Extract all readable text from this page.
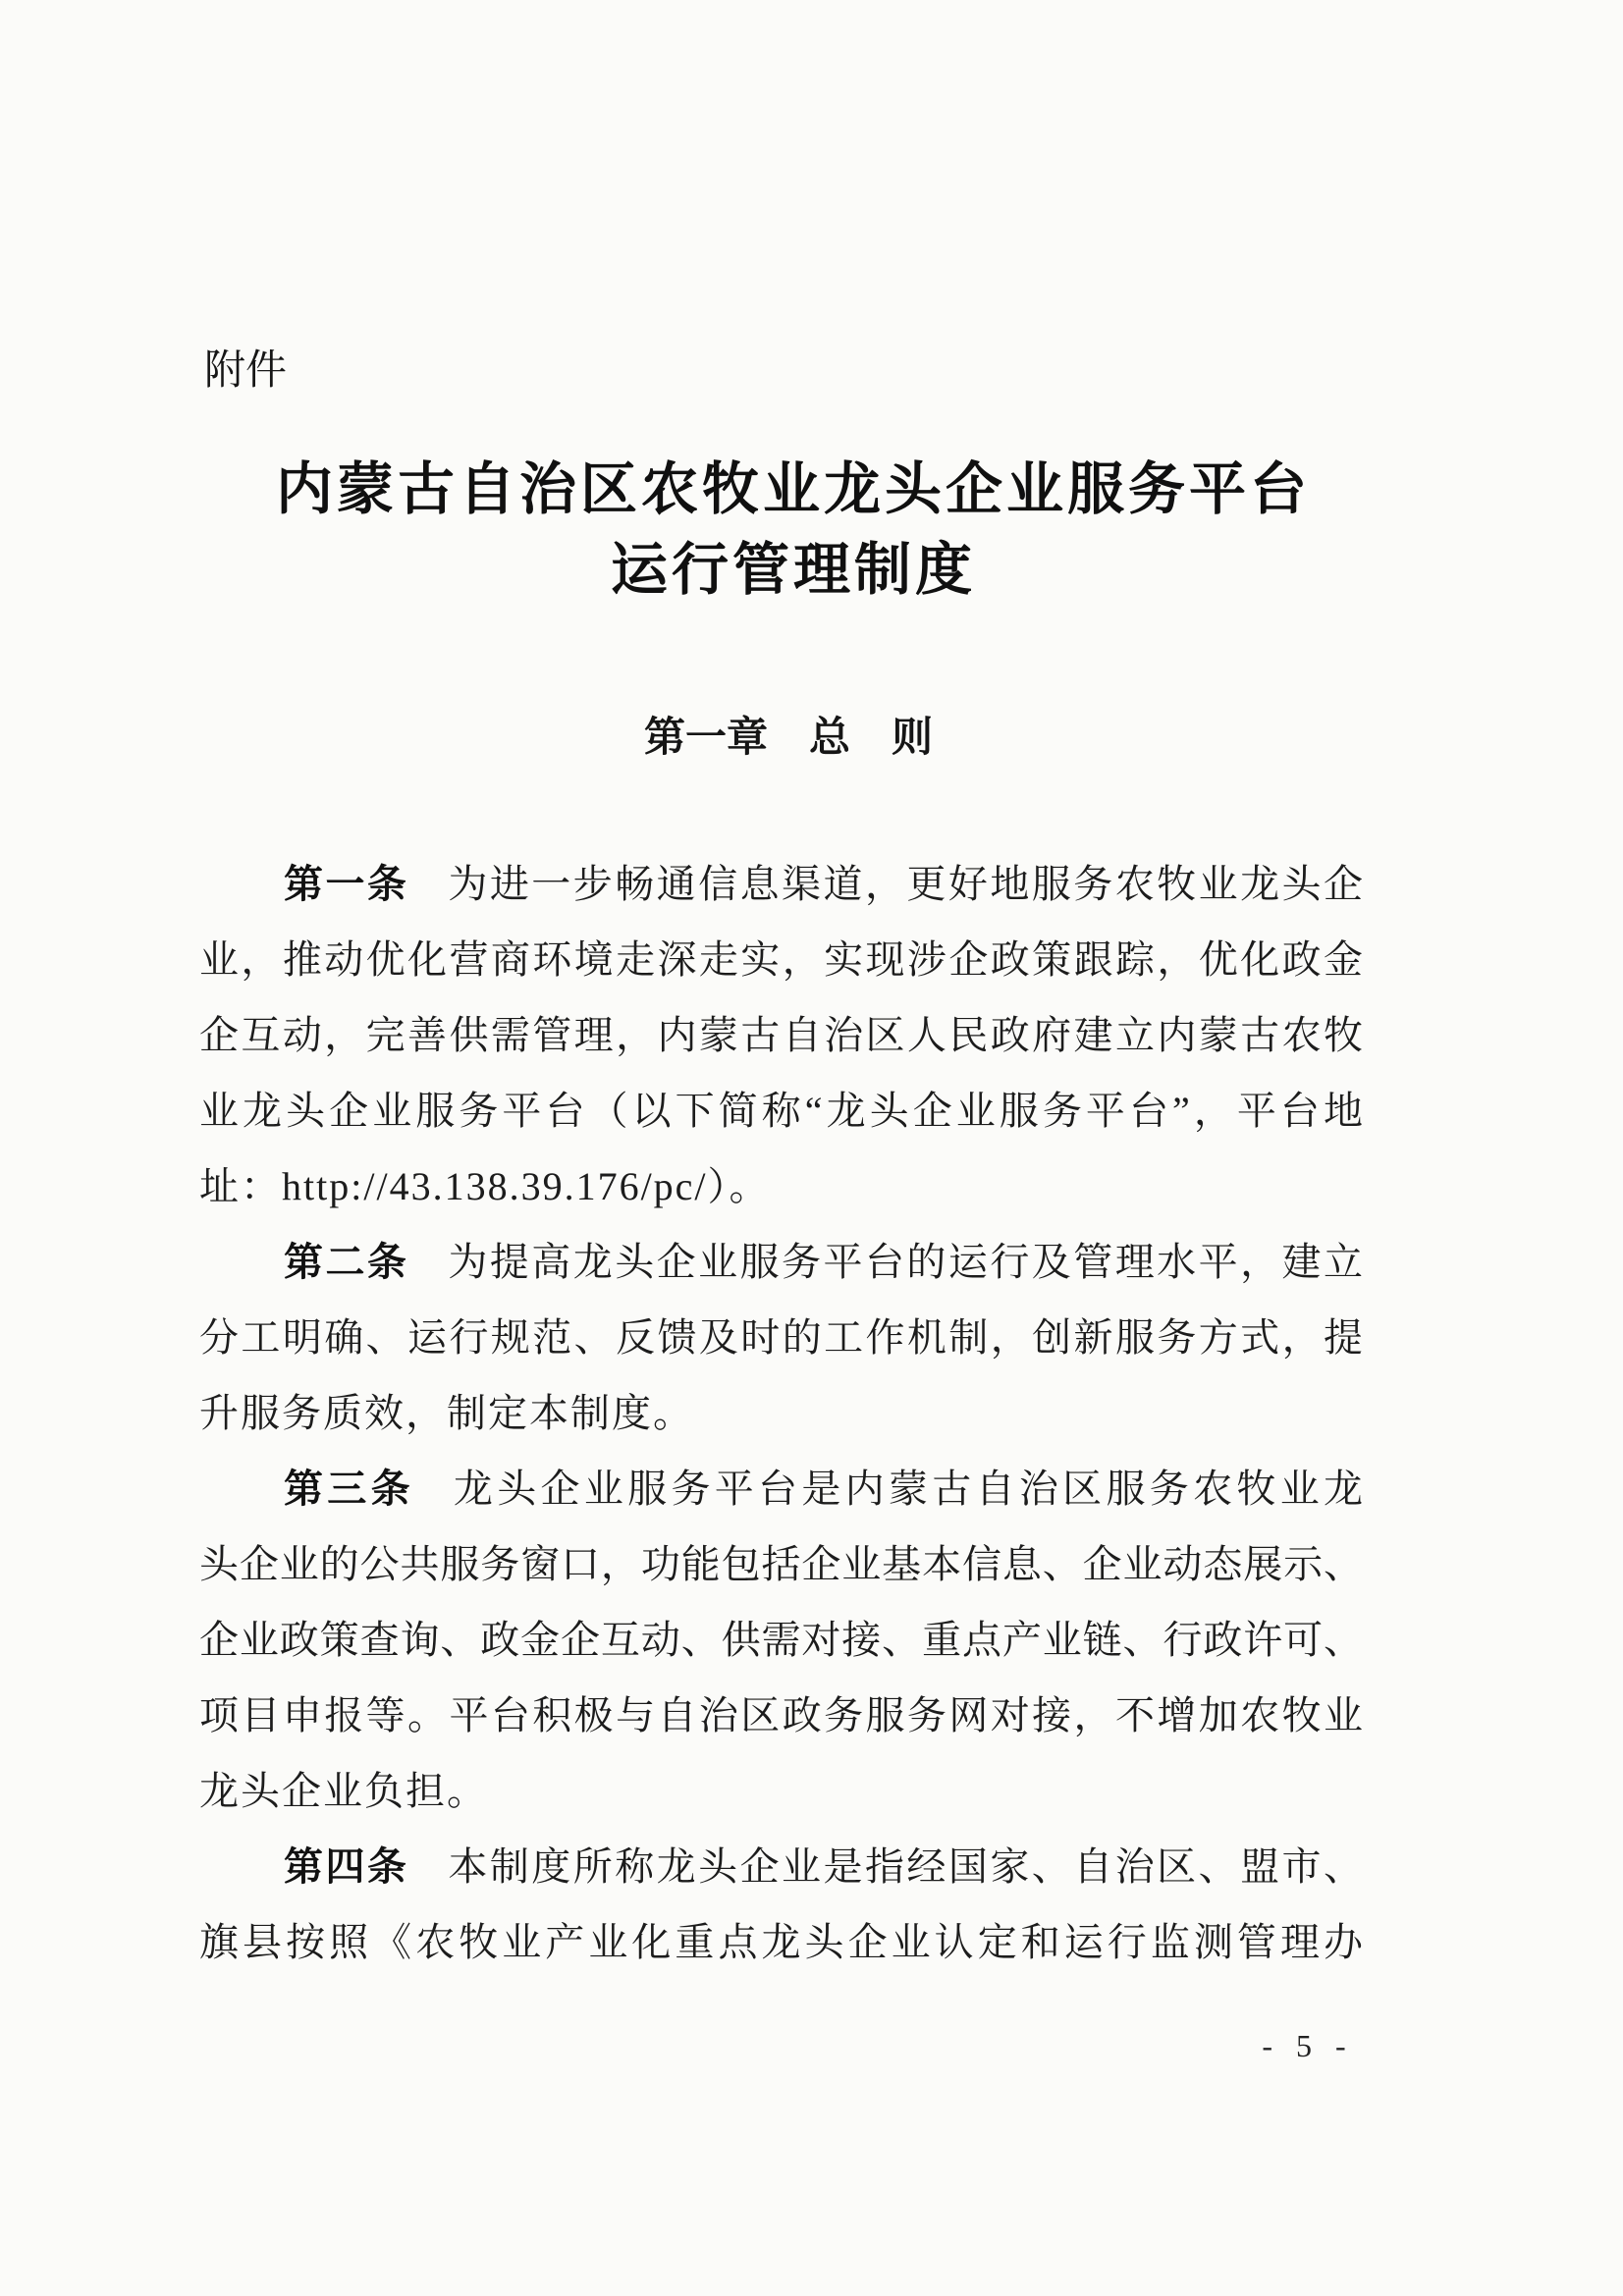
附件
内蒙古自治区农牧业龙头企业服务平台
运行管理制度
第一章　总　则
第一条 为进一步畅通信息渠道，更好地服务农牧业龙头企
业，推动优化营商环境走深走实，实现涉企政策跟踪，优化政金
企互动，完善供需管理，内蒙古自治区人民政府建立内蒙古农牧
业龙头企业服务平台（以下简称“龙头企业服务平台”，平台地
址：http://43.138.39.176/pc/）。
第二条 为提高龙头企业服务平台的运行及管理水平，建立
分工明确、运行规范、反馈及时的工作机制，创新服务方式，提
升服务质效，制定本制度。
第三条 龙头企业服务平台是内蒙古自治区服务农牧业龙
头企业的公共服务窗口，功能包括企业基本信息、企业动态展示、
企业政策查询、政金企互动、供需对接、重点产业链、行政许可、
项目申报等。平台积极与自治区政务服务网对接，不增加农牧业
龙头企业负担。
第四条 本制度所称龙头企业是指经国家、自治区、盟市、
旗县按照《农牧业产业化重点龙头企业认定和运行监测管理办
- 5 -
